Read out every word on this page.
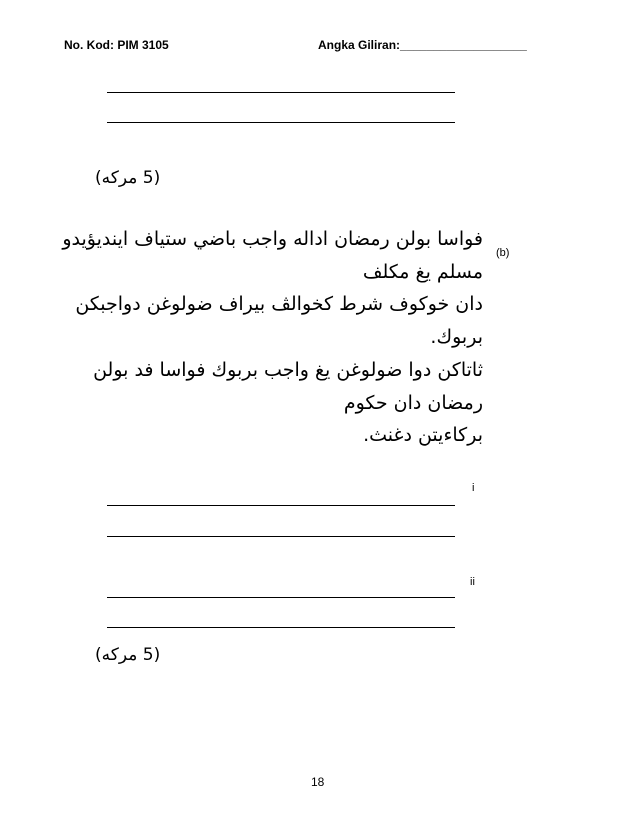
No. Kod: PIM 3105	Angka Giliran:___________________
(5 مركه)
(b)
فواسا بولن رمضان اداله واجب باضي ستياف ايندیؤيدو
مسلم يغ مكلف
دان خوكوف شرط كخوالڤ بيراف ضولوغن دواجبكن
بربوك.
ثاتاكن دوا ضولوغن يغ واجب بربوك فواسا فد بولن
رمضان دان حكوم
بركاءيتن دغنث.
i
ii
(5 مركه)
18
